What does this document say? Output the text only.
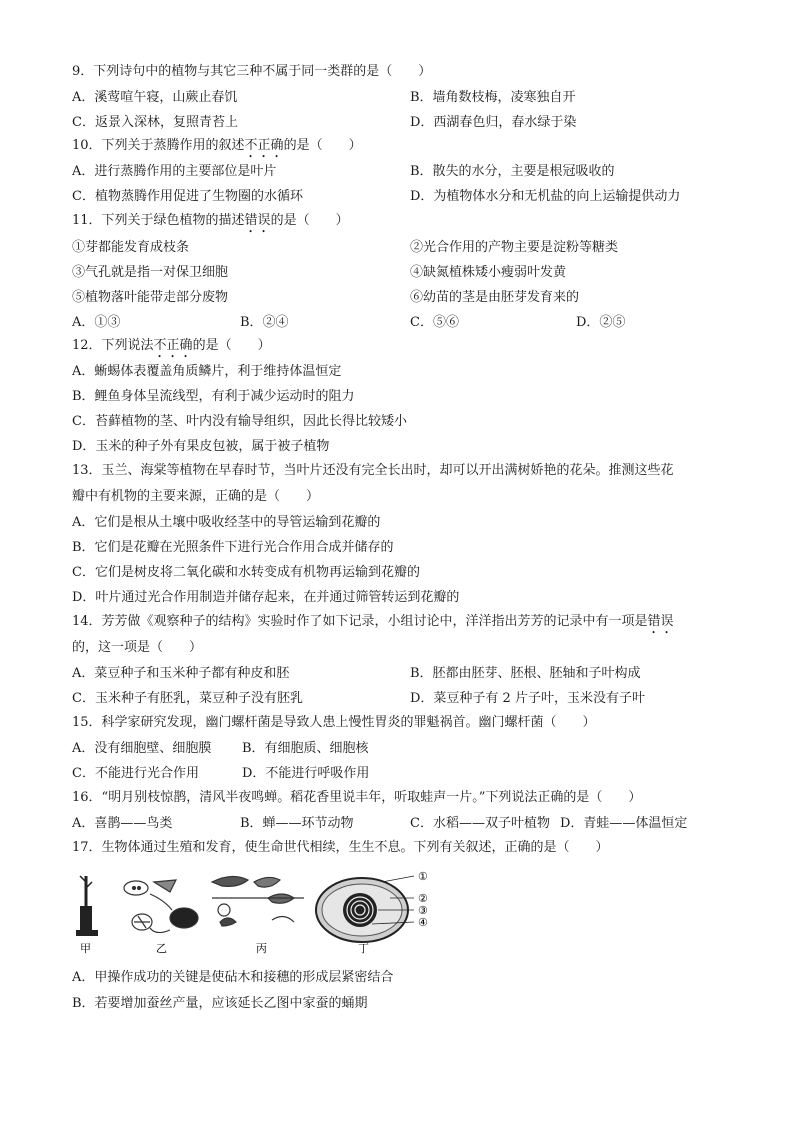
9．下列诗句中的植物与其它三种不属于同一类群的是（　　）
A．溪莺喧午寝，山蕨止春饥	B．墙角数枝梅，凌寒独自开
C．返景入深林，复照青苔上	D．西湖春色归，春水绿于染
10．下列关于蒸腾作用的叙述不正确的是（　　）
A．进行蒸腾作用的主要部位是叶片	B．散失的水分，主要是根冠吸收的
C．植物蒸腾作用促进了生物圈的水循环	D．为植物体水分和无机盐的向上运输提供动力
11．下列关于绿色植物的描述错误的是（　　）
①芽都能发育成枝条	②光合作用的产物主要是淀粉等糖类
③气孔就是指一对保卫细胞	④缺氮植株矮小瘦弱叶发黄
⑤植物落叶能带走部分废物	⑥幼苗的茎是由胚芽发育来的
A．①③	B．②④	C．⑤⑥	D．②⑤
12．下列说法不正确的是（　　）
A．蜥蜴体表覆盖角质鳞片，利于维持体温恒定
B．鲤鱼身体呈流线型，有利于减少运动时的阻力
C．苔藓植物的茎、叶内没有输导组织，因此长得比较矮小
D．玉米的种子外有果皮包被，属于被子植物
13．玉兰、海棠等植物在早春时节，当叶片还没有完全长出时，却可以开出满树娇艳的花朵。推测这些花
瓣中有机物的主要来源，正确的是（　　）
A．它们是根从土壤中吸收经茎中的导管运输到花瓣的
B．它们是花瓣在光照条件下进行光合作用合成并储存的
C．它们是树皮将二氧化碳和水转变成有机物再运输到花瓣的
D．叶片通过光合作用制造并储存起来，在并通过筛管转运到花瓣的
14．芳芳做《观察种子的结构》实验时作了如下记录，小组讨论中，洋洋指出芳芳的记录中有一项是错误
的，这一项是（　　）
A．菜豆种子和玉米种子都有种皮和胚	B．胚都由胚芽、胚根、胚轴和子叶构成
C．玉米种子有胚乳，菜豆种子没有胚乳	D．菜豆种子有 2 片子叶，玉米没有子叶
15．科学家研究发现，幽门螺杆菌是导致人患上慢性胃炎的罪魁祸首。幽门螺杆菌（　　）
A．没有细胞壁、细胞膜 B．有细胞质、细胞核
C．不能进行光合作用	D．不能进行呼吸作用
16．“明月别枝惊鹊，清风半夜鸣蝉。稻花香里说丰年，听取蛙声一片。”下列说法正确的是（　　）
A．喜鹊——鸟类	B．蝉——环节动物	C．水稻——双子叶植物 D．青蛙——体温恒定
17．生物体通过生殖和发育，使生命世代相续，生生不息。下列有关叙述，正确的是（　　）
①
②
③
④
甲	乙	丙	丁
A．甲操作成功的关键是使砧木和接穗的形成层紧密结合
B．若要增加蚕丝产量，应该延长乙图中家蚕的蛹期
